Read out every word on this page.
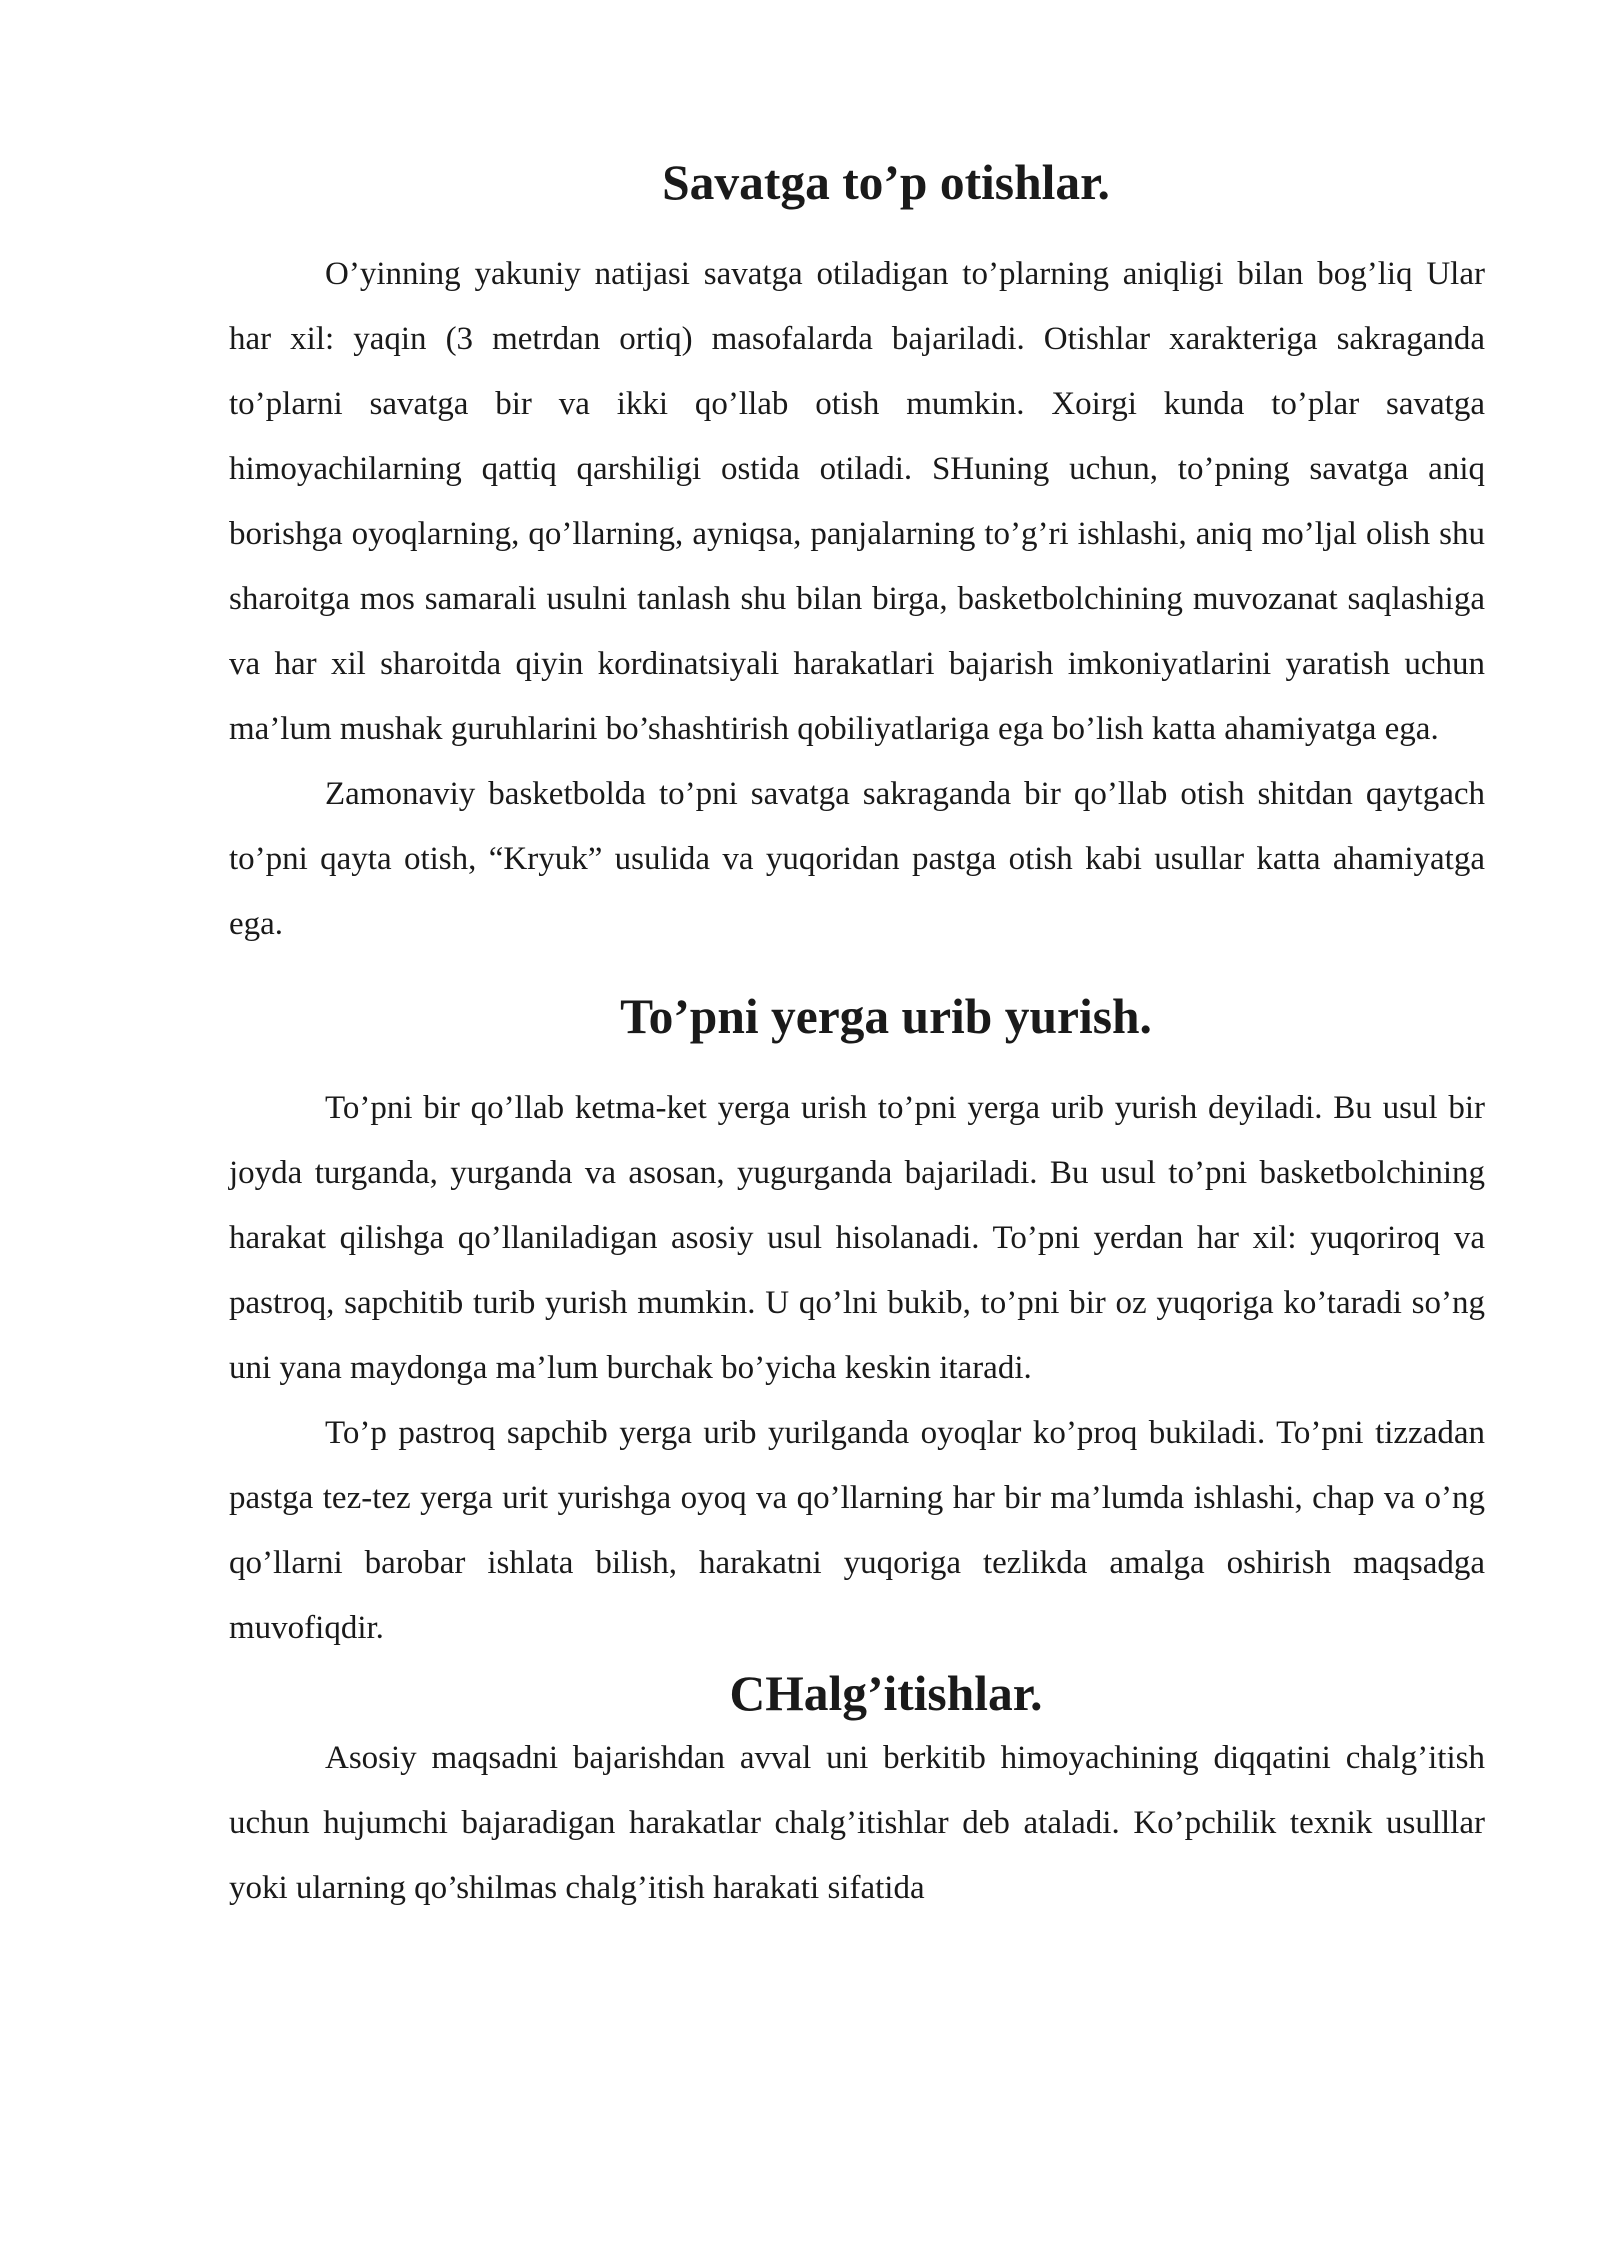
Savatga to’p otishlar.

O’yinning yakuniy natijasi savatga otiladigan to’plarning aniqligi bilan bog’liq Ular har xil: yaqin (3 metrdan ortiq) masofalarda bajariladi. Otishlar xarakteriga sakraganda to’plarni savatga bir va ikki qo’llab otish mumkin. Xoirgi kunda to’plar savatga himoyachilarning qattiq qarshiligi ostida otiladi. SHuning uchun, to’pning savatga aniq borishga oyoqlarning, qo’llarning, ayniqsa, panjalarning to’g’ri ishlashi, aniq mo’ljal olish shu sharoitga mos samarali usulni tanlash shu bilan birga, basketbolchining muvozanat saqlashiga va har xil sharoitda qiyin kordinatsiyali harakatlari bajarish imkoniyatlarini yaratish uchun ma’lum mushak guruhlarini bo’shashtirish qobiliyatlariga ega bo’lish katta ahamiyatga ega.

Zamonaviy basketbolda to’pni savatga sakraganda bir qo’llab otish shitdan qaytgach to’pni qayta otish, “Kryuk” usulida va yuqoridan pastga otish kabi usullar katta ahamiyatga ega.

To’pni yerga urib yurish.

To’pni bir qo’llab ketma-ket yerga urish to’pni yerga urib yurish deyiladi. Bu usul bir joyda turganda, yurganda va asosan, yugurganda bajariladi. Bu usul to’pni basketbolchining harakat qilishga qo’llaniladigan asosiy usul hisolanadi. To’pni yerdan har xil: yuqoriroq va pastroq, sapchitib turib yurish mumkin. U qo’lni bukib, to’pni bir oz yuqoriga ko’taradi so’ng uni yana maydonga ma’lum burchak bo’yicha keskin itaradi.

To’p pastroq sapchib yerga urib yurilganda oyoqlar ko’proq bukiladi. To’pni tizzadan pastga tez-tez yerga urit yurishga oyoq va qo’llarning har bir ma’lumda ishlashi, chap va o’ng qo’llarni barobar ishlata bilish, harakatni yuqoriga tezlikda amalga oshirish maqsadga muvofiqdir.

CHalg’itishlar.

Asosiy maqsadni bajarishdan avval uni berkitib himoyachining diqqatini chalg’itish uchun hujumchi bajaradigan harakatlar chalg’itishlar deb ataladi. Ko’pchilik texnik usulllar yoki ularning qo’shilmas chalg’itish harakati sifatida
